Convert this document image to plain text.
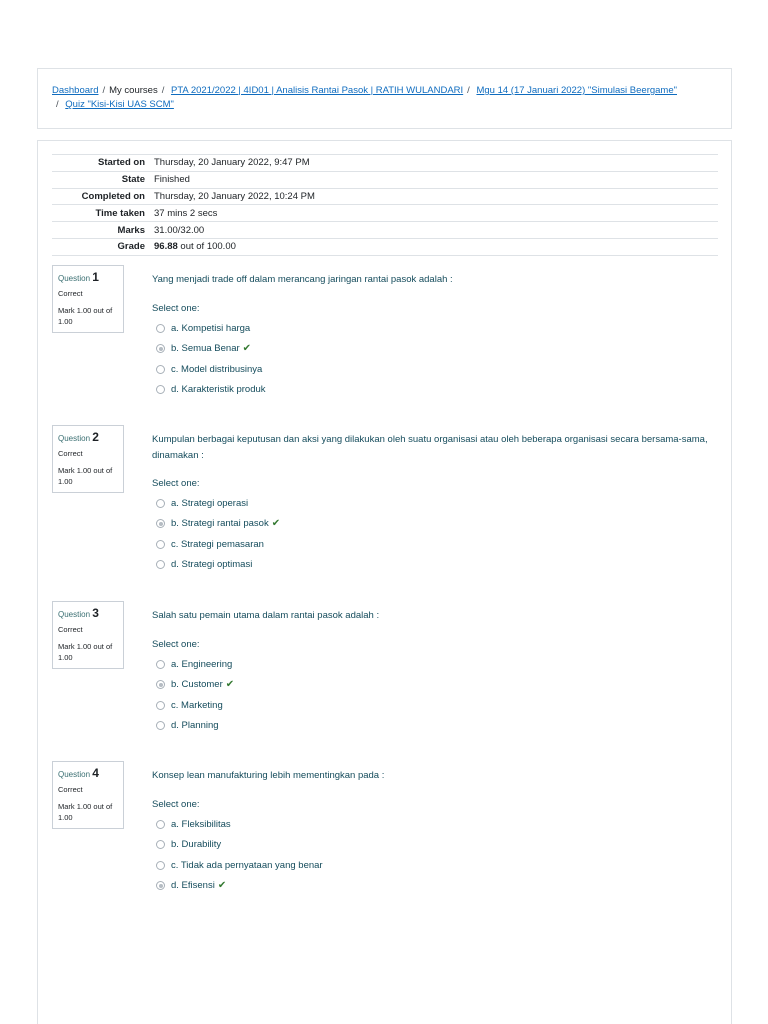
Dashboard / My courses / PTA 2021/2022 | 4ID01 | Analisis Rantai Pasok | RATIH WULANDARI / Mgu 14 (17 Januari 2022) "Simulasi Beergame"
/ Quiz "Kisi-Kisi UAS SCM"
Started on	Thursday, 20 January 2022, 9:47 PM
State	Finished
Completed on	Thursday, 20 January 2022, 10:24 PM
Time taken	37 mins 2 secs
Marks	31.00/32.00
Grade	96.88 out of 100.00
Question 1
Correct
Mark 1.00 out of 1.00
Yang menjadi trade off dalam merancang jaringan rantai pasok adalah :
Select one:
a. Kompetisi harga
b. Semua Benar ✔
c. Model distribusinya
d. Karakteristik produk
Question 2
Correct
Mark 1.00 out of 1.00
Kumpulan berbagai keputusan dan aksi yang dilakukan oleh suatu organisasi atau oleh beberapa organisasi secara bersama-sama, dinamakan :
Select one:
a. Strategi operasi
b. Strategi rantai pasok ✔
c. Strategi pemasaran
d. Strategi optimasi
Question 3
Correct
Mark 1.00 out of 1.00
Salah satu pemain utama dalam rantai pasok adalah :
Select one:
a. Engineering
b. Customer ✔
c. Marketing
d. Planning
Question 4
Correct
Mark 1.00 out of 1.00
Konsep lean manufakturing lebih mementingkan pada :
Select one:
a. Fleksibilitas
b. Durability
c. Tidak ada pernyataan yang benar
d. Efisensi ✔
